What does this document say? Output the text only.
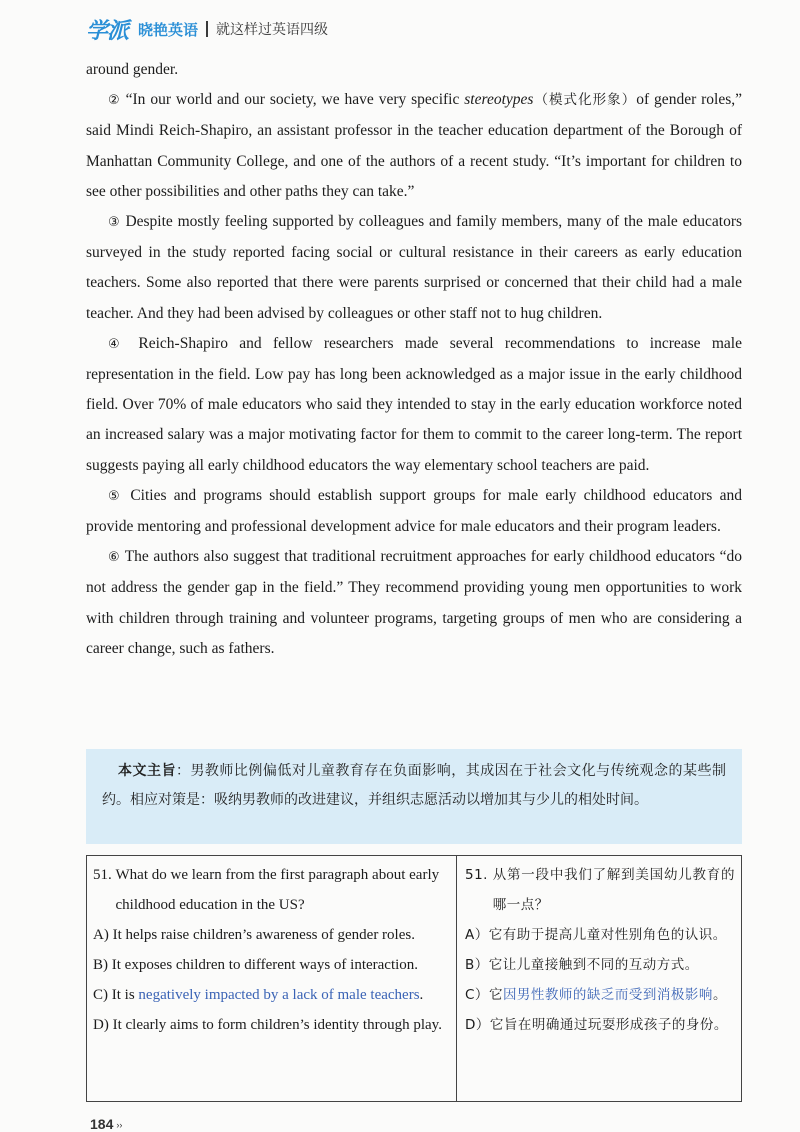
学派 晓艳英语 就这样过英语四级

around gender.

② “In our world and our society, we have very specific stereotypes（模式化形象）of gender roles,” said Mindi Reich-Shapiro, an assistant professor in the teacher education department of the Borough of Manhattan Community College, and one of the authors of a recent study. “It’s important for children to see other possibilities and other paths they can take.”

③ Despite mostly feeling supported by colleagues and family members, many of the male educators surveyed in the study reported facing social or cultural resistance in their careers as early education teachers. Some also reported that there were parents surprised or concerned that their child had a male teacher. And they had been advised by colleagues or other staff not to hug children.

④ Reich-Shapiro and fellow researchers made several recommendations to increase male representation in the field. Low pay has long been acknowledged as a major issue in the early childhood field. Over 70% of male educators who said they intended to stay in the early education workforce noted an increased salary was a major motivating factor for them to commit to the career long-term. The report suggests paying all early childhood educators the way elementary school teachers are paid.

⑤ Cities and programs should establish support groups for male early childhood educators and provide mentoring and professional development advice for male educators and their program leaders.

⑥ The authors also suggest that traditional recruitment approaches for early childhood educators “do not address the gender gap in the field.” They recommend providing young men opportunities to work with children through training and volunteer programs, targeting groups of men who are considering a career change, such as fathers.

本文主旨：男教师比例偏低对儿童教育存在负面影响，其成因在于社会文化与传统观念的某些制约。相应对策是：吸纳男教师的改进建议，并组织志愿活动以增加其与少儿的相处时间。
51. What do we learn from the first paragraph about early childhood education in the US?
A) It helps raise children’s awareness of gender roles.
B) It exposes children to different ways of interaction.
C) It is negatively impacted by a lack of male teachers.
D) It clearly aims to form children’s identity through play.
51. 从第一段中我们了解到美国幼儿教育的哪一点？
A） 它有助于提高儿童对性别角色的认识。
B） 它让儿童接触到不同的互动方式。
C） 它因男性教师的缺乏而受到消极影响。
D） 它旨在明确通过玩耍形成孩子的身份。
184 ››
